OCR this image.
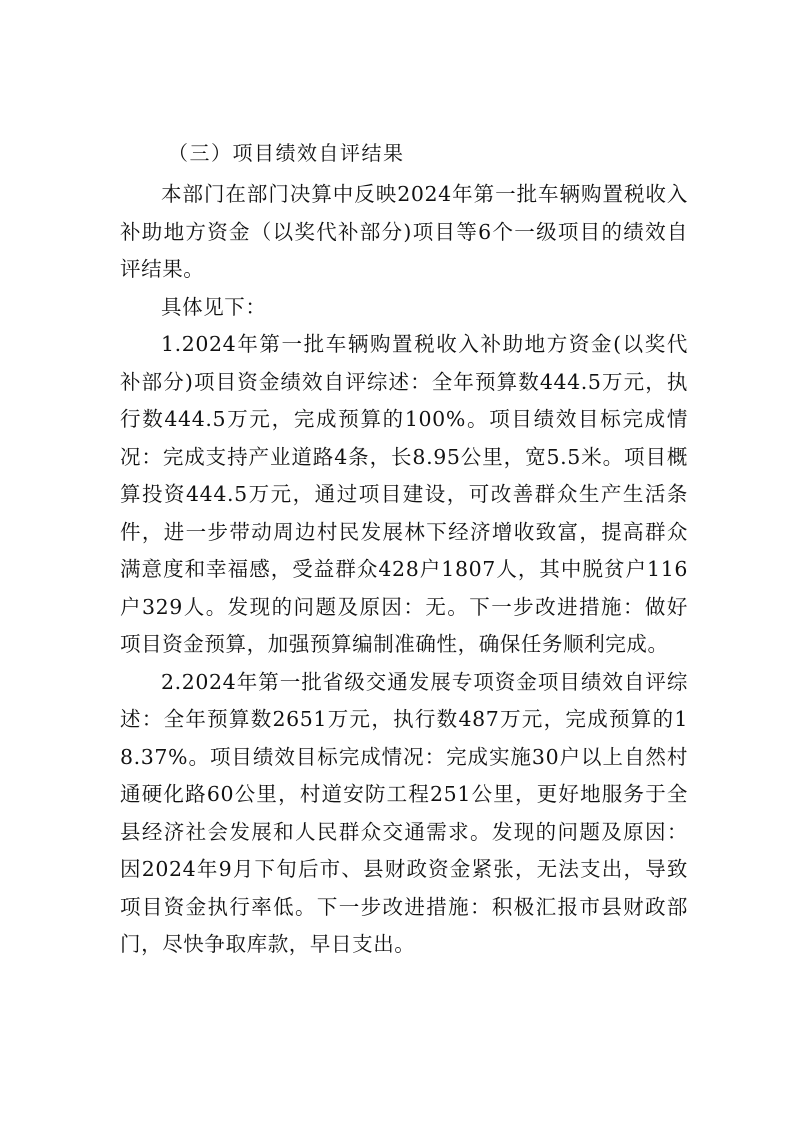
（三）项目绩效自评结果

本部门在部门决算中反映2024年第一批车辆购置税收入补助地方资金（以奖代补部分)项目等6个一级项目的绩效自评结果。

具体见下：

1.2024年第一批车辆购置税收入补助地方资金(以奖代补部分)项目资金绩效自评综述：全年预算数444.5万元，执行数444.5万元，完成预算的100%。项目绩效目标完成情况：完成支持产业道路4条，长8.95公里，宽5.5米。项目概算投资444.5万元，通过项目建设，可改善群众生产生活条件，进一步带动周边村民发展林下经济增收致富，提高群众满意度和幸福感，受益群众428户1807人，其中脱贫户116户329人。发现的问题及原因：无。下一步改进措施：做好项目资金预算，加强预算编制准确性，确保任务顺利完成。

2.2024年第一批省级交通发展专项资金项目绩效自评综述：全年预算数2651万元，执行数487万元，完成预算的18.37%。项目绩效目标完成情况：完成实施30户以上自然村通硬化路60公里，村道安防工程251公里，更好地服务于全县经济社会发展和人民群众交通需求。发现的问题及原因：因2024年9月下旬后市、县财政资金紧张，无法支出，导致项目资金执行率低。下一步改进措施：积极汇报市县财政部门，尽快争取库款，早日支出。
